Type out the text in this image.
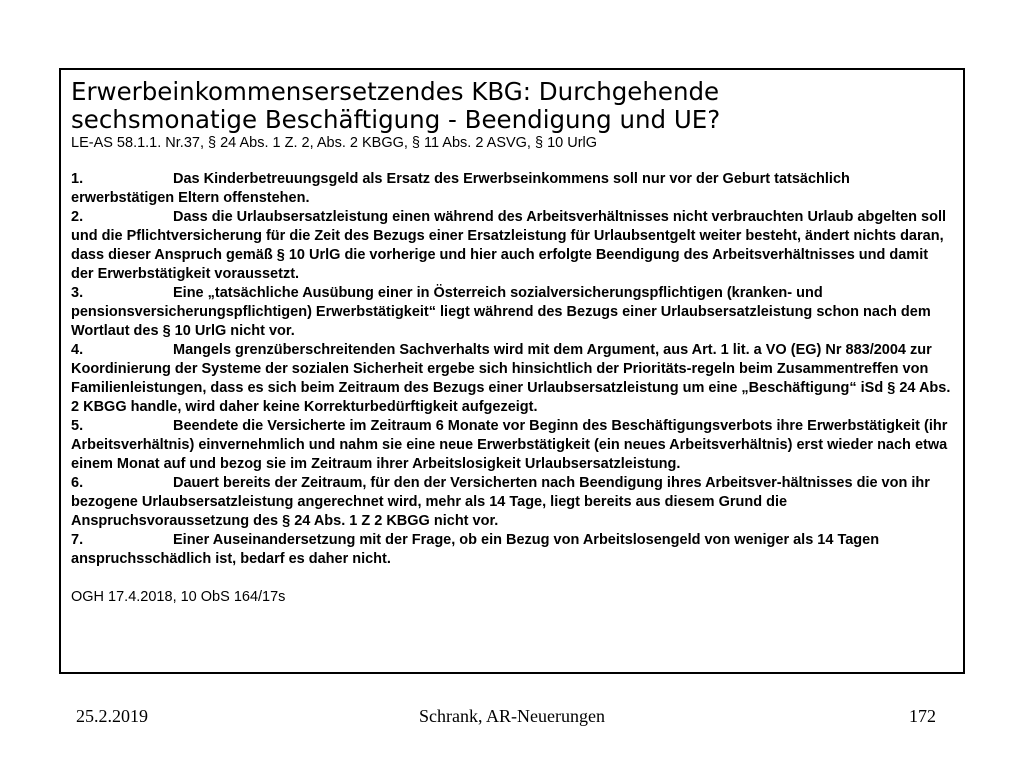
Erwerbeinkommensersetzendes KBG: Durchgehende
sechsmonatige Beschäftigung - Beendigung und UE?
LE-AS 58.1.1. Nr.37, § 24 Abs. 1 Z. 2, Abs. 2 KBGG, § 11 Abs. 2 ASVG, § 10 UrlG

1.	Das Kinderbetreuungsgeld als Ersatz des Erwerbseinkommens soll nur vor der Geburt tatsächlich erwerbstätigen Eltern offenstehen.

2.	Dass die Urlaubsersatzleistung einen während des Arbeitsverhältnisses nicht verbrauchten Urlaub abgelten soll und die Pflichtversicherung für die Zeit des Bezugs einer Ersatzleistung für Urlaubsentgelt weiter besteht, ändert nichts daran, dass dieser Anspruch gemäß § 10 UrlG die vorherige und hier auch erfolgte Beendigung des Arbeitsverhältnisses und damit der Erwerbstätigkeit voraussetzt.

3.	Eine „tatsächliche Ausübung einer in Österreich sozialversicherungspflichtigen (kranken- und pensionsversicherungspflichtigen) Erwerbstätigkeit“ liegt während des Bezugs einer Urlaubsersatzleistung schon nach dem Wortlaut des § 10 UrlG nicht vor.

4.	Mangels grenzüberschreitenden Sachverhalts wird mit dem Argument, aus Art. 1 lit. a VO (EG) Nr 883/2004 zur Koordinierung der Systeme der sozialen Sicherheit ergebe sich hinsichtlich der Prioritäts-regeln beim Zusammentreffen von Familienleistungen, dass es sich beim Zeitraum des Bezugs einer Urlaubsersatzleistung um eine „Beschäftigung“ iSd § 24 Abs. 2 KBGG handle, wird daher keine Korrekturbedürftigkeit aufgezeigt.

5.	Beendete die Versicherte im Zeitraum 6 Monate vor Beginn des Beschäftigungsverbots ihre Erwerbstätigkeit (ihr Arbeitsverhältnis) einvernehmlich und nahm sie eine neue Erwerbstätigkeit (ein neues Arbeitsverhältnis) erst wieder nach etwa einem Monat auf und bezog sie im Zeitraum ihrer Arbeitslosigkeit Urlaubsersatzleistung.

6.	Dauert bereits der Zeitraum, für den der Versicherten nach Beendigung ihres Arbeitsver-hältnisses die von ihr bezogene Urlaubsersatzleistung angerechnet wird, mehr als 14 Tage, liegt bereits aus diesem Grund die Anspruchsvoraussetzung des § 24 Abs. 1 Z 2 KBGG nicht vor.

7.	Einer Auseinandersetzung mit der Frage, ob ein Bezug von Arbeitslosengeld von weniger als 14 Tagen anspruchsschädlich ist, bedarf es daher nicht.

OGH 17.4.2018, 10 ObS 164/17s
Schrank, AR-Neuerungen
25.2.2019	172
